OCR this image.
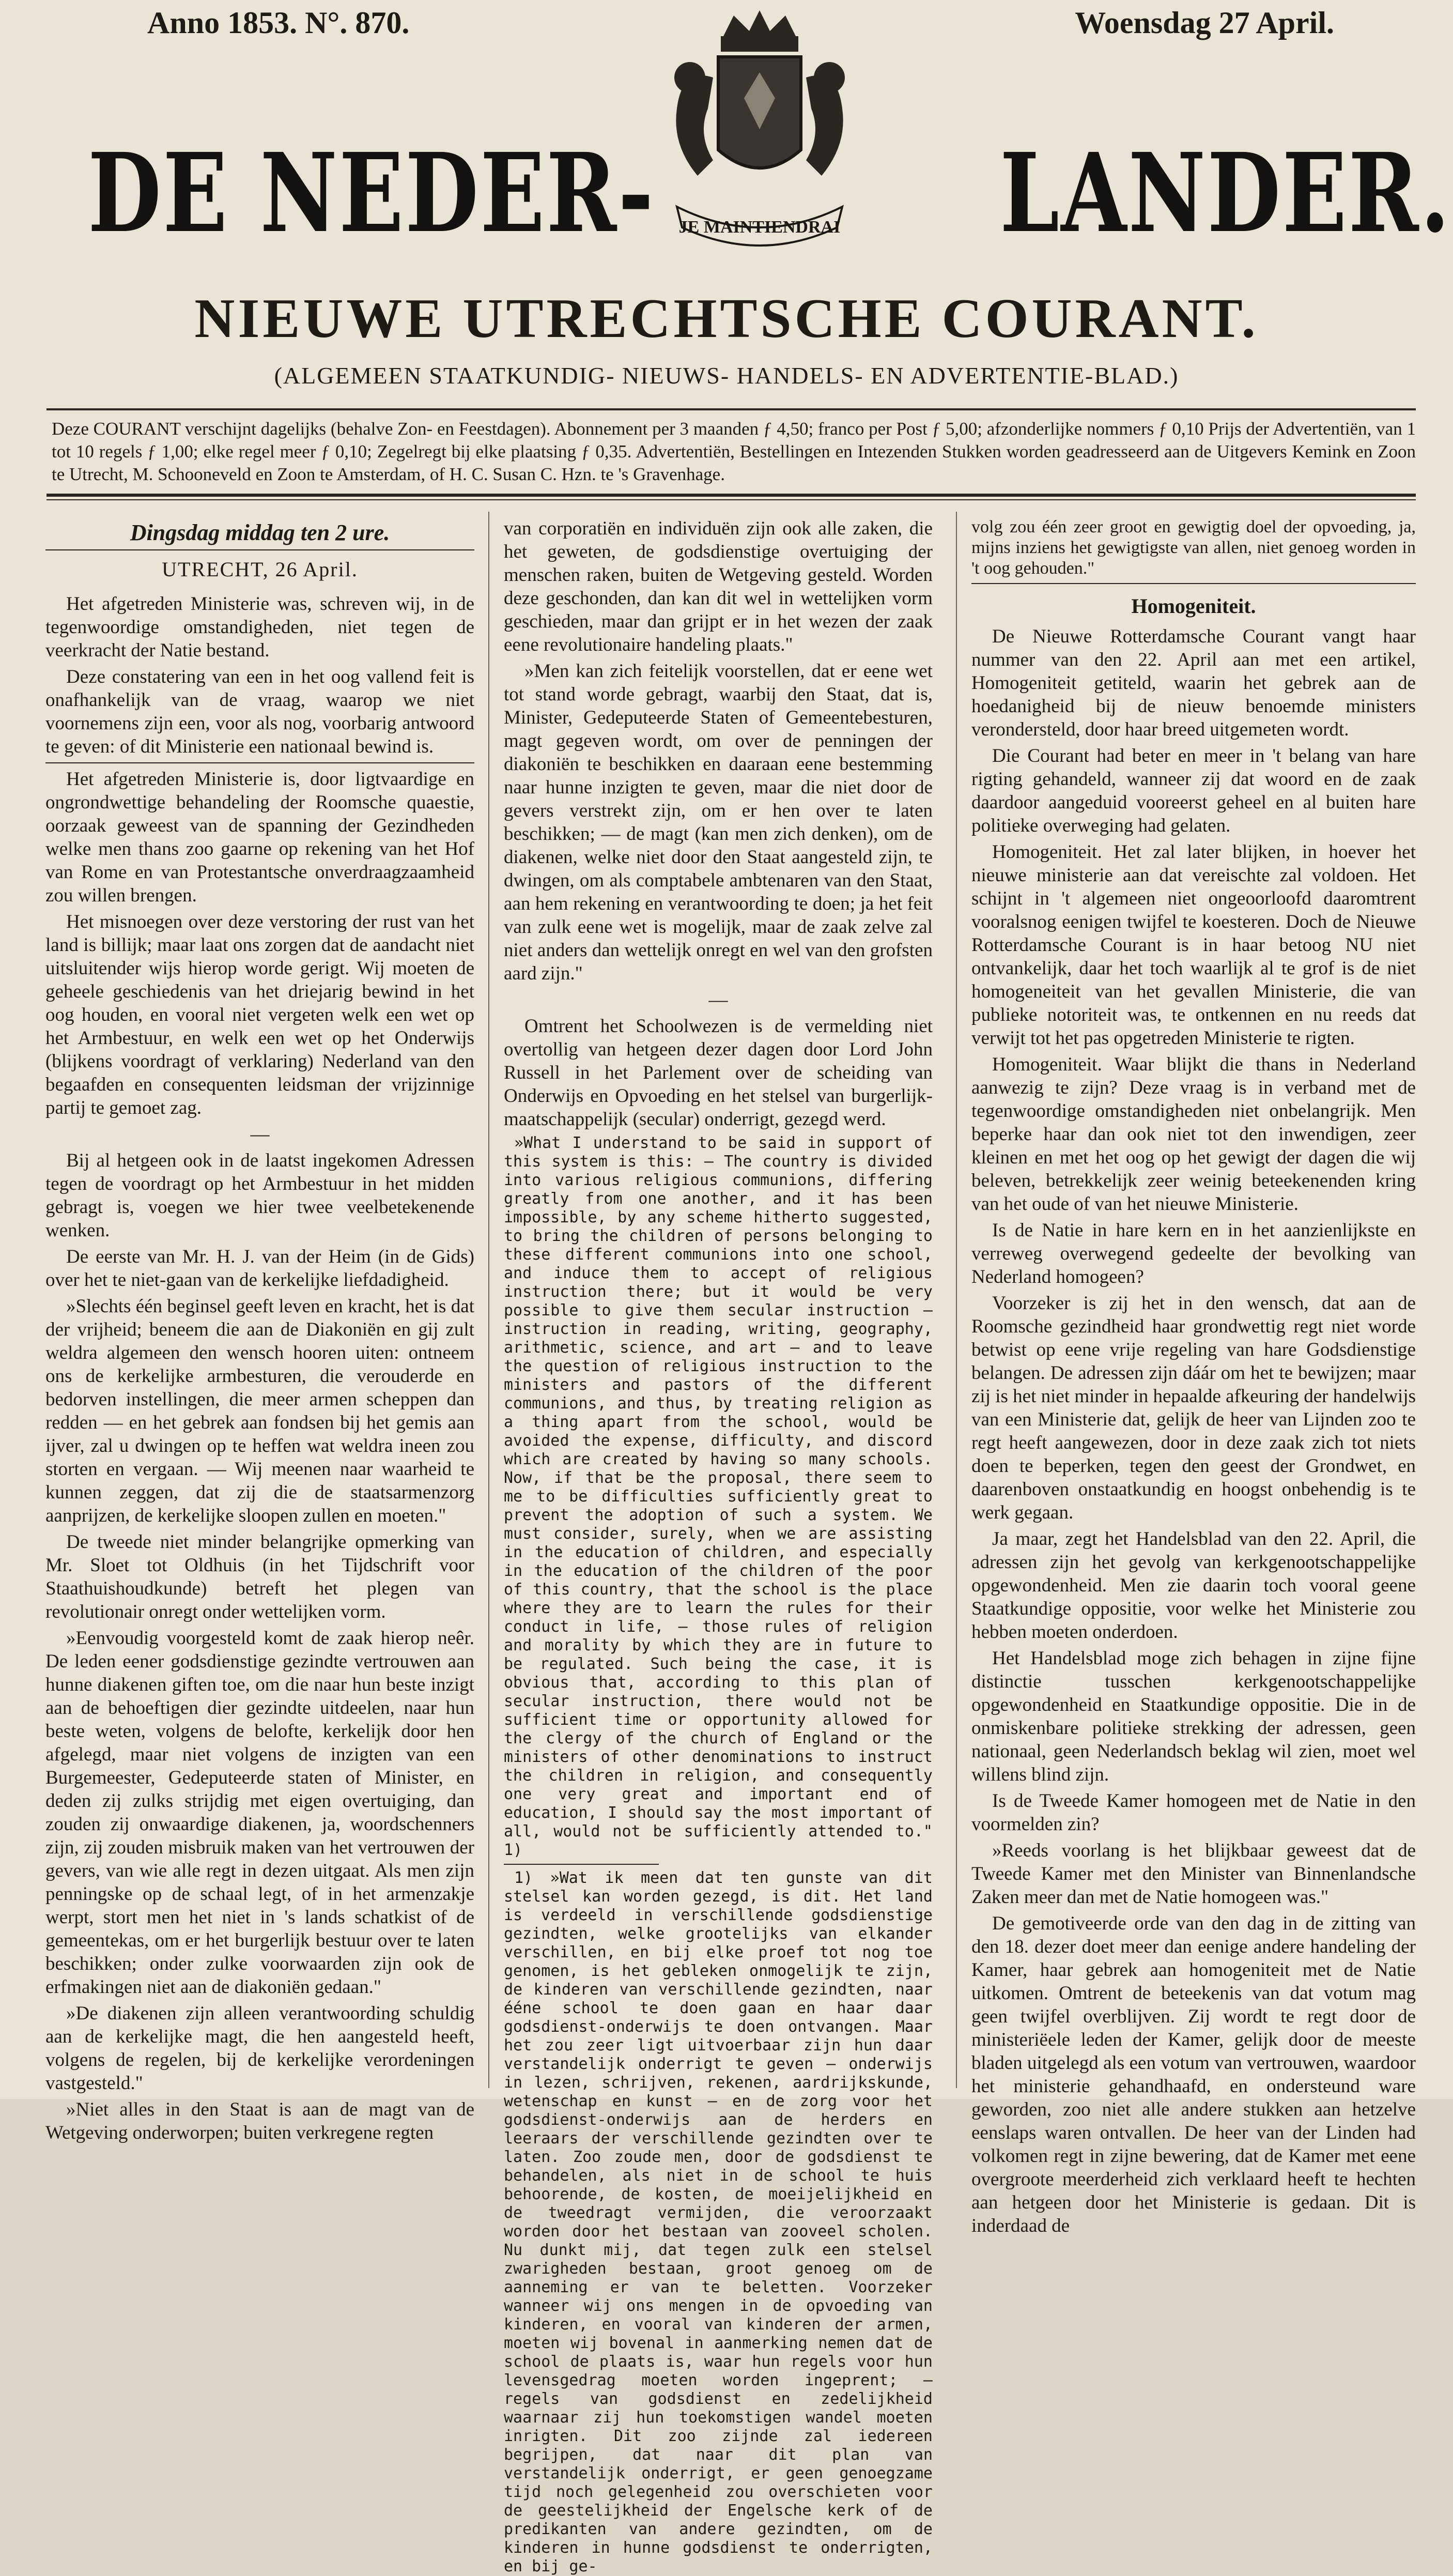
Anno 1853. N°. 870.	Woensdag 27 April.
DE NEDER-	LANDER.
JE MAINTIENDRAI
NIEUWE UTRECHTSCHE COURANT.
(ALGEMEEN STAATKUNDIG- NIEUWS- HANDELS- EN ADVERTENTIE-BLAD.)
Deze COURANT verschijnt dagelijks (behalve Zon- en Feestdagen). Abonnement per 3 maanden ƒ 4,50; franco per Post ƒ 5,00; afzonderlijke nommers ƒ 0,10 Prijs der Advertentiën, van 1 tot 10 regels ƒ 1,00; elke regel meer ƒ 0,10; Zegelregt bij elke plaatsing ƒ 0,35. Advertentiën, Bestellingen en Intezenden Stukken worden geadresseerd aan de Uitgevers Kemink en Zoon te Utrecht, M. Schooneveld en Zoon te Amsterdam, of H. C. Susan C. Hzn. te 's Gravenhage.
Dingsdag middag ten 2 ure.
UTRECHT, 26 April.

Het afgetreden Ministerie was, schreven wij, in de tegenwoordige omstandigheden, niet tegen de veerkracht der Natie bestand.

Deze constatering van een in het oog vallend feit is onafhankelijk van de vraag, waarop we niet voornemens zijn een, voor als nog, voorbarig antwoord te geven: of dit Ministerie een nationaal bewind is.

Het afgetreden Ministerie is, door ligtvaardige en ongrondwettige behandeling der Roomsche quaestie, oorzaak geweest van de spanning der Gezindheden welke men thans zoo gaarne op rekening van het Hof van Rome en van Protestantsche onverdraagzaamheid zou willen brengen.

Het misnoegen over deze verstoring der rust van het land is billijk; maar laat ons zorgen dat de aandacht niet uitsluitender wijs hierop worde gerigt. Wij moeten de geheele geschiedenis van het driejarig bewind in het oog houden, en vooral niet vergeten welk een wet op het Armbestuur, en welk een wet op het Onderwijs (blijkens voordragt of verklaring) Nederland van den begaafden en consequenten leidsman der vrijzinnige partij te gemoet zag.

—

Bij al hetgeen ook in de laatst ingekomen Adressen tegen de voordragt op het Armbestuur in het midden gebragt is, voegen we hier twee veelbetekenende wenken.

De eerste van Mr. H. J. van der Heim (in de Gids) over het te niet-gaan van de kerkelijke liefdadigheid.

»Slechts één beginsel geeft leven en kracht, het is dat der vrijheid; beneem die aan de Diakoniën en gij zult weldra algemeen den wensch hooren uiten: ontneem ons de kerkelijke armbesturen, die verouderde en bedorven instellingen, die meer armen scheppen dan redden — en het gebrek aan fondsen bij het gemis aan ijver, zal u dwingen op te heffen wat weldra ineen zou storten en vergaan. — Wij meenen naar waarheid te kunnen zeggen, dat zij die de staatsarmenzorg aanprijzen, de kerkelijke sloopen zullen en moeten."

De tweede niet minder belangrijke opmerking van Mr. Sloet tot Oldhuis (in het Tijdschrift voor Staathuishoudkunde) betreft het plegen van revolutionair onregt onder wettelijken vorm.

»Eenvoudig voorgesteld komt de zaak hierop neêr. De leden eener godsdienstige gezindte vertrouwen aan hunne diakenen giften toe, om die naar hun beste inzigt aan de behoeftigen dier gezindte uitdeelen, naar hun beste weten, volgens de belofte, kerkelijk door hen afgelegd, maar niet volgens de inzigten van een Burgemeester, Gedeputeerde staten of Minister, en deden zij zulks strijdig met eigen overtuiging, dan zouden zij onwaardige diakenen, ja, woordschenners zijn, zij zouden misbruik maken van het vertrouwen der gevers, van wie alle regt in dezen uitgaat. Als men zijn penningske op de schaal legt, of in het armenzakje werpt, stort men het niet in 's lands schatkist of de gemeentekas, om er het burgerlijk bestuur over te laten beschikken; onder zulke voorwaarden zijn ook de erfmakingen niet aan de diakoniën gedaan."

»De diakenen zijn alleen verantwoording schuldig aan de kerkelijke magt, die hen aangesteld heeft, volgens de regelen, bij de kerkelijke verordeningen vastgesteld."

»Niet alles in den Staat is aan de magt van de Wetgeving onderworpen; buiten verkregene regten

van corporatiën en individuën zijn ook alle zaken, die het geweten, de godsdienstige overtuiging der menschen raken, buiten de Wetgeving gesteld. Worden deze geschonden, dan kan dit wel in wettelijken vorm geschieden, maar dan grijpt er in het wezen der zaak eene revolutionaire handeling plaats."

»Men kan zich feitelijk voorstellen, dat er eene wet tot stand worde gebragt, waarbij den Staat, dat is, Minister, Gedeputeerde Staten of Gemeentebesturen, magt gegeven wordt, om over de penningen der diakoniën te beschikken en daaraan eene bestemming naar hunne inzigten te geven, maar die niet door de gevers verstrekt zijn, om er hen over te laten beschikken; — de magt (kan men zich denken), om de diakenen, welke niet door den Staat aangesteld zijn, te dwingen, om als comptabele ambtenaren van den Staat, aan hem rekening en verantwoording te doen; ja het feit van zulk eene wet is mogelijk, maar de zaak zelve zal niet anders dan wettelijk onregt en wel van den grofsten aard zijn."

—

Omtrent het Schoolwezen is de vermelding niet overtollig van hetgeen dezer dagen door Lord John Russell in het Parlement over de scheiding van Onderwijs en Opvoeding en het stelsel van burgerlijk-maatschappelijk (secular) onderrigt, gezegd werd.

»What I understand to be said in support of this system is this: — The country is divided into various religious communions, differing greatly from one another, and it has been impossible, by any scheme hitherto suggested, to bring the children of persons belonging to these different communions into one school, and induce them to accept of religious instruction there; but it would be very possible to give them secular instruction — instruction in reading, writing, geography, arithmetic, science, and art — and to leave the question of religious instruction to the ministers and pastors of the different communions, and thus, by treating religion as a thing apart from the school, would be avoided the expense, difficulty, and discord which are created by having so many schools. Now, if that be the proposal, there seem to me to be difficulties sufficiently great to prevent the adoption of such a system. We must consider, surely, when we are assisting in the education of children, and especially in the education of the children of the poor of this country, that the school is the place where they are to learn the rules for their conduct in life, — those rules of religion and morality by which they are in future to be regulated. Such being the case, it is obvious that, according to this plan of secular instruction, there would not be sufficient time or opportunity allowed for the clergy of the church of England or the ministers of other denominations to instruct the children in religion, and consequently one very great and important end of education, I should say the most important of all, would not be sufficiently attended to." 1)

1) »Wat ik meen dat ten gunste van dit stelsel kan worden gezegd, is dit. Het land is verdeeld in verschillende godsdienstige gezindten, welke grootelijks van elkander verschillen, en bij elke proef tot nog toe genomen, is het gebleken onmogelijk te zijn, de kinderen van verschillende gezindten, naar ééne school te doen gaan en haar daar godsdienst-onderwijs te doen ontvangen. Maar het zou zeer ligt uitvoerbaar zijn hun daar verstandelijk onderrigt te geven — onderwijs in lezen, schrijven, rekenen, aardrijkskunde, wetenschap en kunst — en de zorg voor het godsdienst-onderwijs aan de herders en leeraars der verschillende gezindten over te laten. Zoo zoude men, door de godsdienst te behandelen, als niet in de school te huis behoorende, de kosten, de moeijelijkheid en de tweedragt vermijden, die veroorzaakt worden door het bestaan van zooveel scholen. Nu dunkt mij, dat tegen zulk een stelsel zwarigheden bestaan, groot genoeg om de aanneming er van te beletten. Voorzeker wanneer wij ons mengen in de opvoeding van kinderen, en vooral van kinderen der armen, moeten wij bovenal in aanmerking nemen dat de school de plaats is, waar hun regels voor hun levensgedrag moeten worden ingeprent; — regels van godsdienst en zedelijkheid waarnaar zij hun toekomstigen wandel moeten inrigten. Dit zoo zijnde zal iedereen begrijpen, dat naar dit plan van verstandelijk onderrigt, er geen genoegzame tijd noch gelegenheid zou overschieten voor de geestelijkheid der Engelsche kerk of de predikanten van andere gezindten, om de kinderen in hunne godsdienst te onderrigten, en bij ge-

volg zou één zeer groot en gewigtig doel der opvoeding, ja, mijns inziens het gewigtigste van allen, niet genoeg worden in 't oog gehouden."

Homogeniteit.

De Nieuwe Rotterdamsche Courant vangt haar nummer van den 22. April aan met een artikel, Homogeniteit getiteld, waarin het gebrek aan de hoedanigheid bij de nieuw benoemde ministers verondersteld, door haar breed uitgemeten wordt.

Die Courant had beter en meer in 't belang van hare rigting gehandeld, wanneer zij dat woord en de zaak daardoor aangeduid vooreerst geheel en al buiten hare politieke overweging had gelaten.

Homogeniteit. Het zal later blijken, in hoever het nieuwe ministerie aan dat vereischte zal voldoen. Het schijnt in 't algemeen niet ongeoorloofd daaromtrent vooralsnog eenigen twijfel te koesteren. Doch de Nieuwe Rotterdamsche Courant is in haar betoog NU niet ontvankelijk, daar het toch waarlijk al te grof is de niet homogeneiteit van het gevallen Ministerie, die van publieke notoriteit was, te ontkennen en nu reeds dat verwijt tot het pas opgetreden Ministerie te rigten.

Homogeniteit. Waar blijkt die thans in Nederland aanwezig te zijn? Deze vraag is in verband met de tegenwoordige omstandigheden niet onbelangrijk. Men beperke haar dan ook niet tot den inwendigen, zeer kleinen en met het oog op het gewigt der dagen die wij beleven, betrekkelijk zeer weinig beteekenenden kring van het oude of van het nieuwe Ministerie.

Is de Natie in hare kern en in het aanzienlijkste en verreweg overwegend gedeelte der bevolking van Nederland homogeen?

Voorzeker is zij het in den wensch, dat aan de Roomsche gezindheid haar grondwettig regt niet worde betwist op eene vrije regeling van hare Godsdienstige belangen. De adressen zijn dáár om het te bewijzen; maar zij is het niet minder in hepaalde afkeuring der handelwijs van een Ministerie dat, gelijk de heer van Lijnden zoo te regt heeft aangewezen, door in deze zaak zich tot niets doen te beperken, tegen den geest der Grondwet, en daarenboven onstaatkundig en hoogst onbehendig is te werk gegaan.

Ja maar, zegt het Handelsblad van den 22. April, die adressen zijn het gevolg van kerkgenootschappelijke opgewondenheid. Men zie daarin toch vooral geene Staatkundige oppositie, voor welke het Ministerie zou hebben moeten onderdoen.

Het Handelsblad moge zich behagen in zijne fijne distinctie tusschen kerkgenootschappelijke opgewondenheid en Staatkundige oppositie. Die in de onmiskenbare politieke strekking der adressen, geen nationaal, geen Nederlandsch beklag wil zien, moet wel willens blind zijn.

Is de Tweede Kamer homogeen met de Natie in den voormelden zin?

»Reeds voorlang is het blijkbaar geweest dat de Tweede Kamer met den Minister van Binnenlandsche Zaken meer dan met de Natie homogeen was."

De gemotiveerde orde van den dag in de zitting van den 18. dezer doet meer dan eenige andere handeling der Kamer, haar gebrek aan homogeniteit met de Natie uitkomen. Omtrent de beteekenis van dat votum mag geen twijfel overblijven. Zij wordt te regt door de ministeriëele leden der Kamer, gelijk door de meeste bladen uitgelegd als een votum van vertrouwen, waardoor het ministerie gehandhaafd, en ondersteund ware geworden, zoo niet alle andere stukken aan hetzelve eenslaps waren ontvallen. De heer van der Linden had volkomen regt in zijne bewering, dat de Kamer met eene overgroote meerderheid zich verklaard heeft te hechten aan hetgeen door het Ministerie is gedaan. Dit is inderdaad de
